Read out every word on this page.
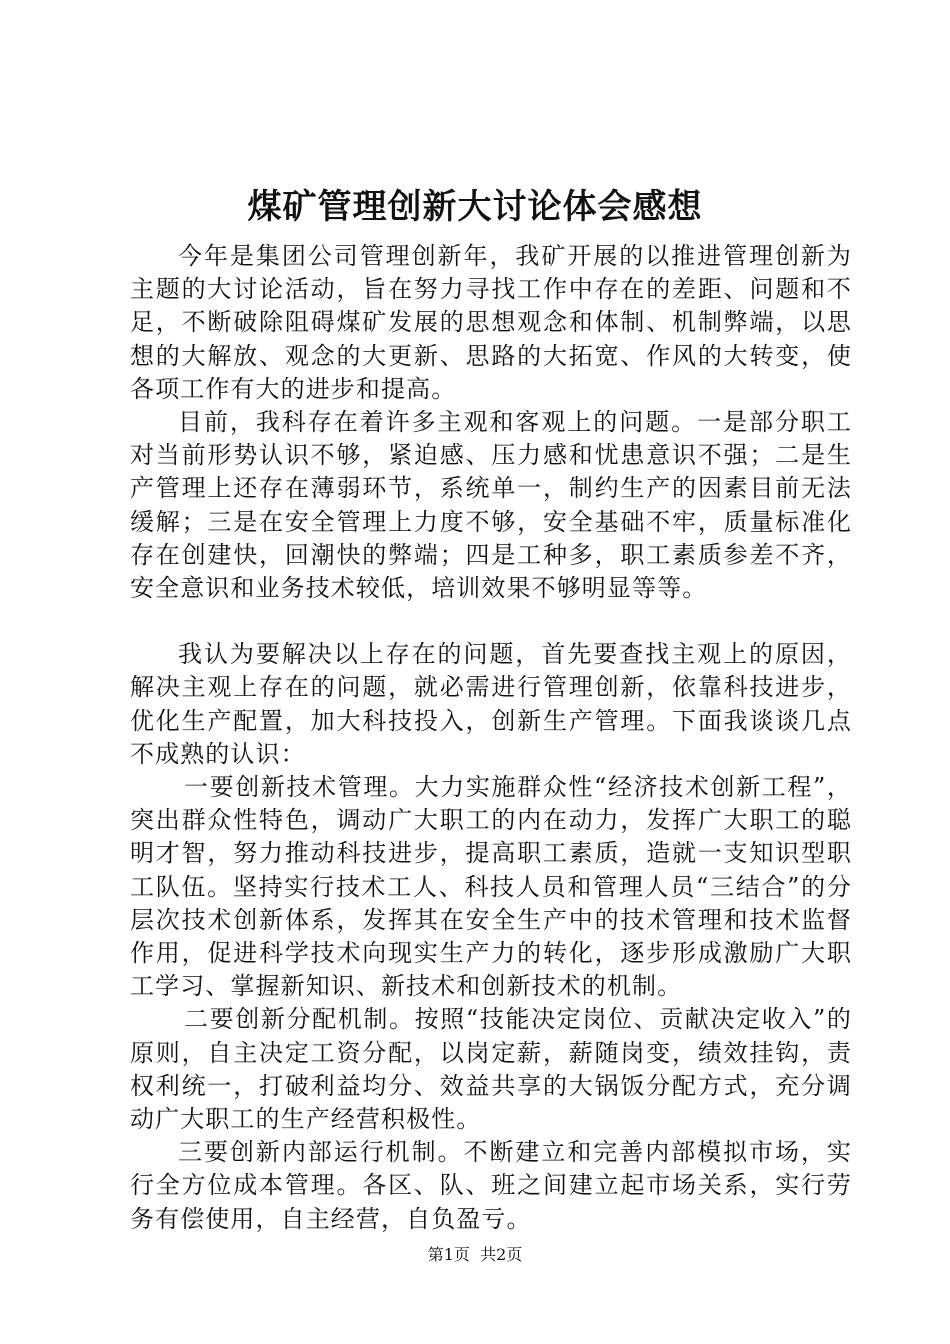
煤矿管理创新大讨论体会感想

今年是集团公司管理创新年，我矿开展的以推进管理创新为主题的大讨论活动，旨在努力寻找工作中存在的差距、问题和不足，不断破除阻碍煤矿发展的思想观念和体制、机制弊端，以思想的大解放、观念的大更新、思路的大拓宽、作风的大转变，使各项工作有大的进步和提高。

目前，我科存在着许多主观和客观上的问题。一是部分职工对当前形势认识不够，紧迫感、压力感和忧患意识不强；二是生产管理上还存在薄弱环节，系统单一，制约生产的因素目前无法缓解；三是在安全管理上力度不够，安全基础不牢，质量标准化存在创建快，回潮快的弊端；四是工种多，职工素质参差不齐，安全意识和业务技术较低，培训效果不够明显等等。

我认为要解决以上存在的问题，首先要查找主观上的原因，解决主观上存在的问题，就必需进行管理创新，依靠科技进步，优化生产配置，加大科技投入，创新生产管理。下面我谈谈几点不成熟的认识：

一要创新技术管理。大力实施群众性“经济技术创新工程”，突出群众性特色，调动广大职工的内在动力，发挥广大职工的聪明才智，努力推动科技进步，提高职工素质，造就一支知识型职工队伍。坚持实行技术工人、科技人员和管理人员“三结合”的分层次技术创新体系，发挥其在安全生产中的技术管理和技术监督作用，促进科学技术向现实生产力的转化，逐步形成激励广大职工学习、掌握新知识、新技术和创新技术的机制。

二要创新分配机制。按照“技能决定岗位、贡献决定收入”的原则，自主决定工资分配，以岗定薪，薪随岗变，绩效挂钩，责权利统一，打破利益均分、效益共享的大锅饭分配方式，充分调动广大职工的生产经营积极性。

三要创新内部运行机制。不断建立和完善内部模拟市场，实行全方位成本管理。各区、队、班之间建立起市场关系，实行劳务有偿使用，自主经营，自负盈亏。

第1页 共2页
